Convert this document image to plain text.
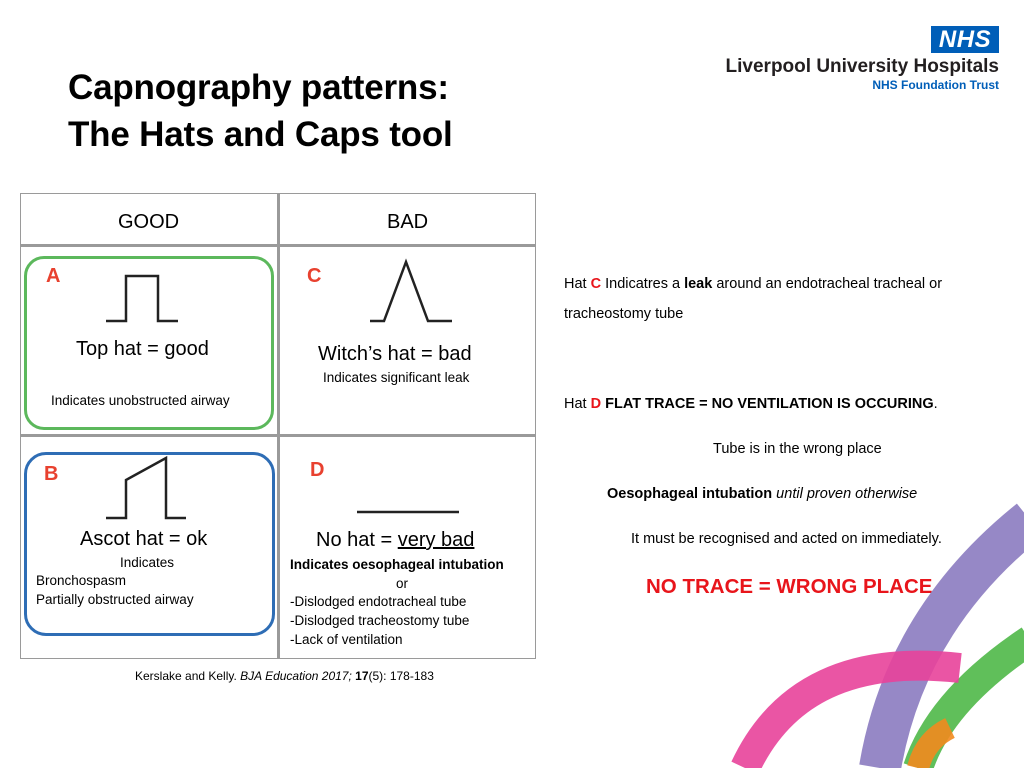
Capnography patterns:
The Hats and Caps tool
NHS
Liverpool University Hospitals
NHS Foundation Trust
GOOD	BAD
A
Top hat = good
Indicates unobstructed airway
C
Witch’s hat = bad
Indicates significant leak
B
Ascot hat = ok
Indicates
Bronchospasm
Partially obstructed airway
D
No hat = very bad
Indicates oesophageal intubation
or
-Dislodged endotracheal tube
-Dislodged tracheostomy tube
-Lack of ventilation
Kerslake and Kelly. BJA Education 2017; 17(5): 178-183
Hat C Indicatres a leak around an endotracheal tracheal or
tracheostomy tube
Hat D FLAT TRACE = NO VENTILATION IS OCCURING.
Tube is in the wrong place
Oesophageal intubation until proven otherwise
It must be recognised and acted on immediately.
NO TRACE = WRONG PLACE
